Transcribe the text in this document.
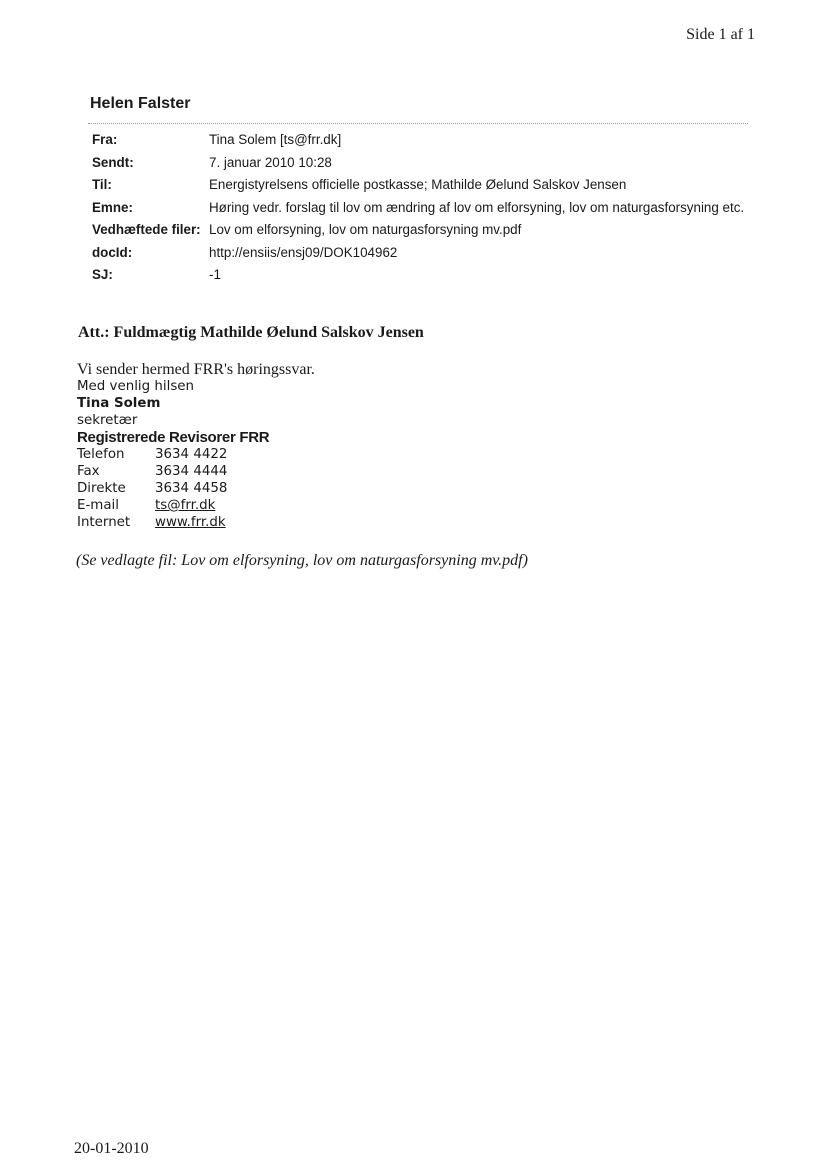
Side 1 af 1
Helen Falster
Fra:	Tina Solem [ts@frr.dk]
Sendt:	7. januar 2010 10:28
Til:	Energistyrelsens officielle postkasse; Mathilde Øelund Salskov Jensen
Emne:	Høring vedr. forslag til lov om ændring af lov om elforsyning, lov om naturgasforsyning etc.
Vedhæftede filer:	Lov om elforsyning, lov om naturgasforsyning mv.pdf
docId:	http://ensiis/ensj09/DOK104962
SJ:	-1
Att.: Fuldmægtig Mathilde Øelund Salskov Jensen
Vi sender hermed FRR's høringssvar.
Med venlig hilsen
Tina Solem
sekretær
Registrerede Revisorer FRR
Telefon	3634 4422
Fax	3634 4444
Direkte	3634 4458
E-mail	ts@frr.dk
Internet	www.frr.dk
(Se vedlagte fil: Lov om elforsyning, lov om naturgasforsyning mv.pdf)
20-01-2010
